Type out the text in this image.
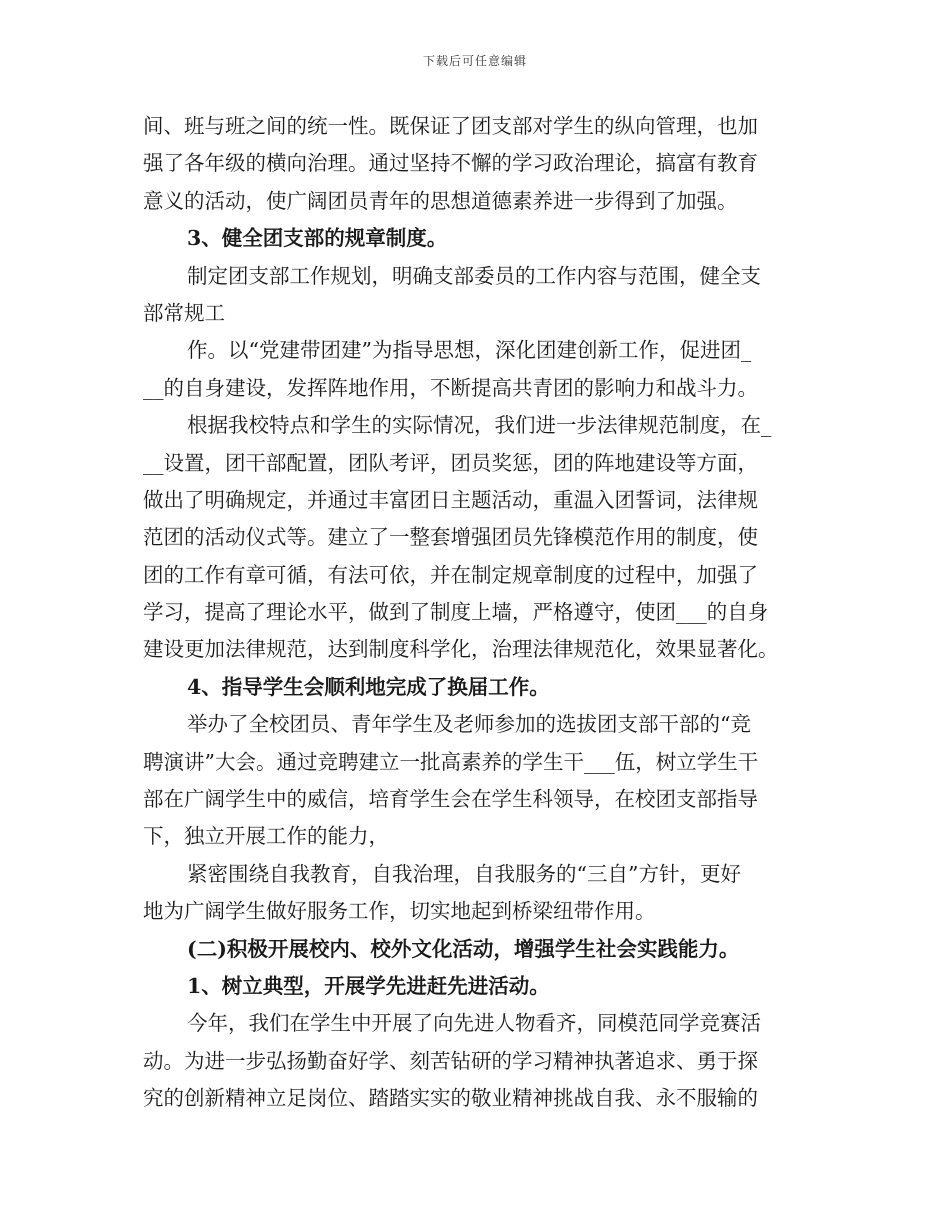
下载后可任意编辑
间、班与班之间的统一性。既保证了团支部对学生的纵向管理，也加
强了各年级的横向治理。通过坚持不懈的学习政治理论，搞富有教育
意义的活动，使广阔团员青年的思想道德素养进一步得到了加强。
3、健全团支部的规章制度。
制定团支部工作规划，明确支部委员的工作内容与范围，健全支
部常规工
作。以“党建带团建”为指导思想，深化团建创新工作，促进团_
__的自身建设，发挥阵地作用，不断提高共青团的影响力和战斗力。
根据我校特点和学生的实际情况，我们进一步法律规范制度，在_
__设置，团干部配置，团队考评，团员奖惩，团的阵地建设等方面，
做出了明确规定，并通过丰富团日主题活动，重温入团誓词，法律规
范团的活动仪式等。建立了一整套增强团员先锋模范作用的制度，使
团的工作有章可循，有法可依，并在制定规章制度的过程中，加强了
学习，提高了理论水平，做到了制度上墙，严格遵守，使团___的自身
建设更加法律规范，达到制度科学化，治理法律规范化，效果显著化。
4、指导学生会顺利地完成了换届工作。
举办了全校团员、青年学生及老师参加的选拔团支部干部的“竞
聘演讲”大会。通过竞聘建立一批高素养的学生干___伍，树立学生干
部在广阔学生中的威信，培育学生会在学生科领导，在校团支部指导
下，独立开展工作的能力，
紧密围绕自我教育，自我治理，自我服务的“三自”方针，更好
地为广阔学生做好服务工作，切实地起到桥梁纽带作用。
(二)积极开展校内、校外文化活动，增强学生社会实践能力。
1、树立典型，开展学先进赶先进活动。
今年，我们在学生中开展了向先进人物看齐，同模范同学竞赛活
动。为进一步弘扬勤奋好学、刻苦钻研的学习精神执著追求、勇于探
究的创新精神立足岗位、踏踏实实的敬业精神挑战自我、永不服输的
